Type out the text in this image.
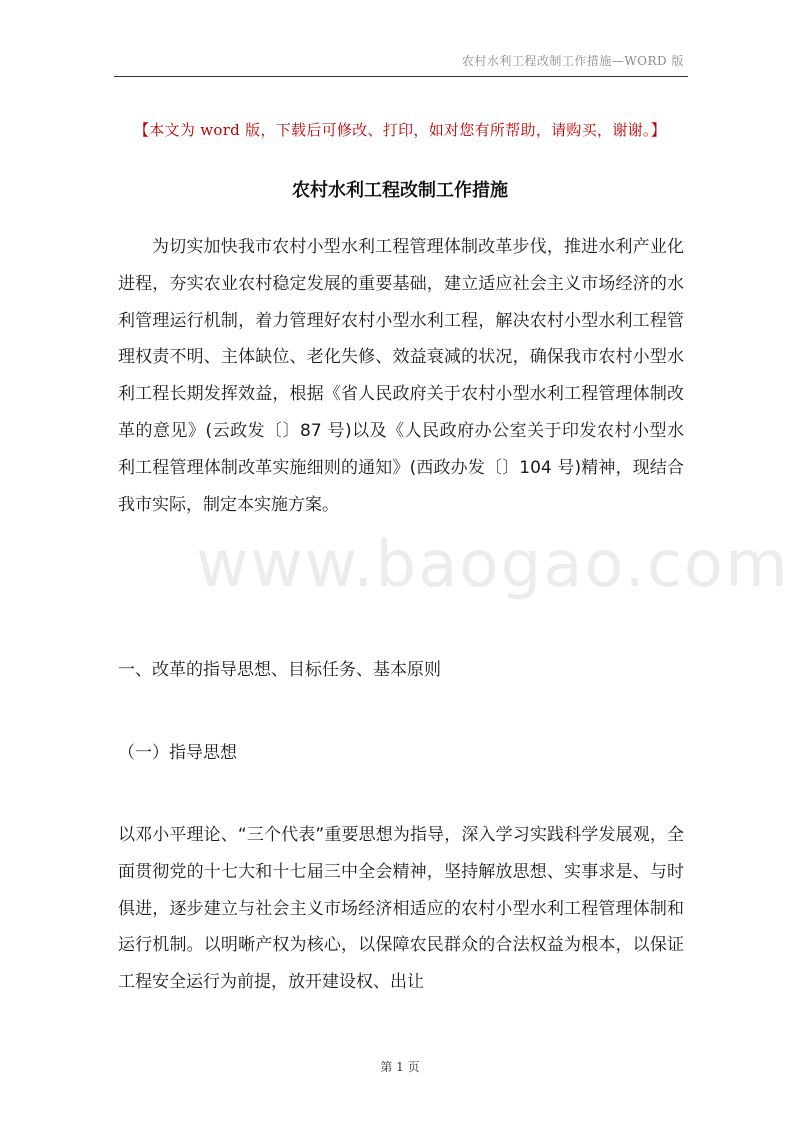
农村水利工程改制工作措施—WORD 版
www.baogao.com
【本文为 word 版，下载后可修改、打印，如对您有所帮助，请购买，谢谢。】
农村水利工程改制工作措施

为切实加快我市农村小型水利工程管理体制改革步伐，推进水利产业化进程，夯实农业农村稳定发展的重要基础，建立适应社会主义市场经济的水利管理运行机制，着力管理好农村小型水利工程，解决农村小型水利工程管理权责不明、主体缺位、老化失修、效益衰减的状况，确保我市农村小型水利工程长期发挥效益，根据《省人民政府关于农村小型水利工程管理体制改革的意见》(云政发〔〕87 号)以及《人民政府办公室关于印发农村小型水利工程管理体制改革实施细则的通知》(西政办发〔〕104 号)精神，现结合我市实际，制定本实施方案。

一、改革的指导思想、目标任务、基本原则
（一）指导思想

以邓小平理论、“三个代表”重要思想为指导，深入学习实践科学发展观，全面贯彻党的十七大和十七届三中全会精神，坚持解放思想、实事求是、与时俱进，逐步建立与社会主义市场经济相适应的农村小型水利工程管理体制和运行机制。以明晰产权为核心，以保障农民群众的合法权益为根本，以保证工程安全运行为前提，放开建设权、出让

第 1 页
